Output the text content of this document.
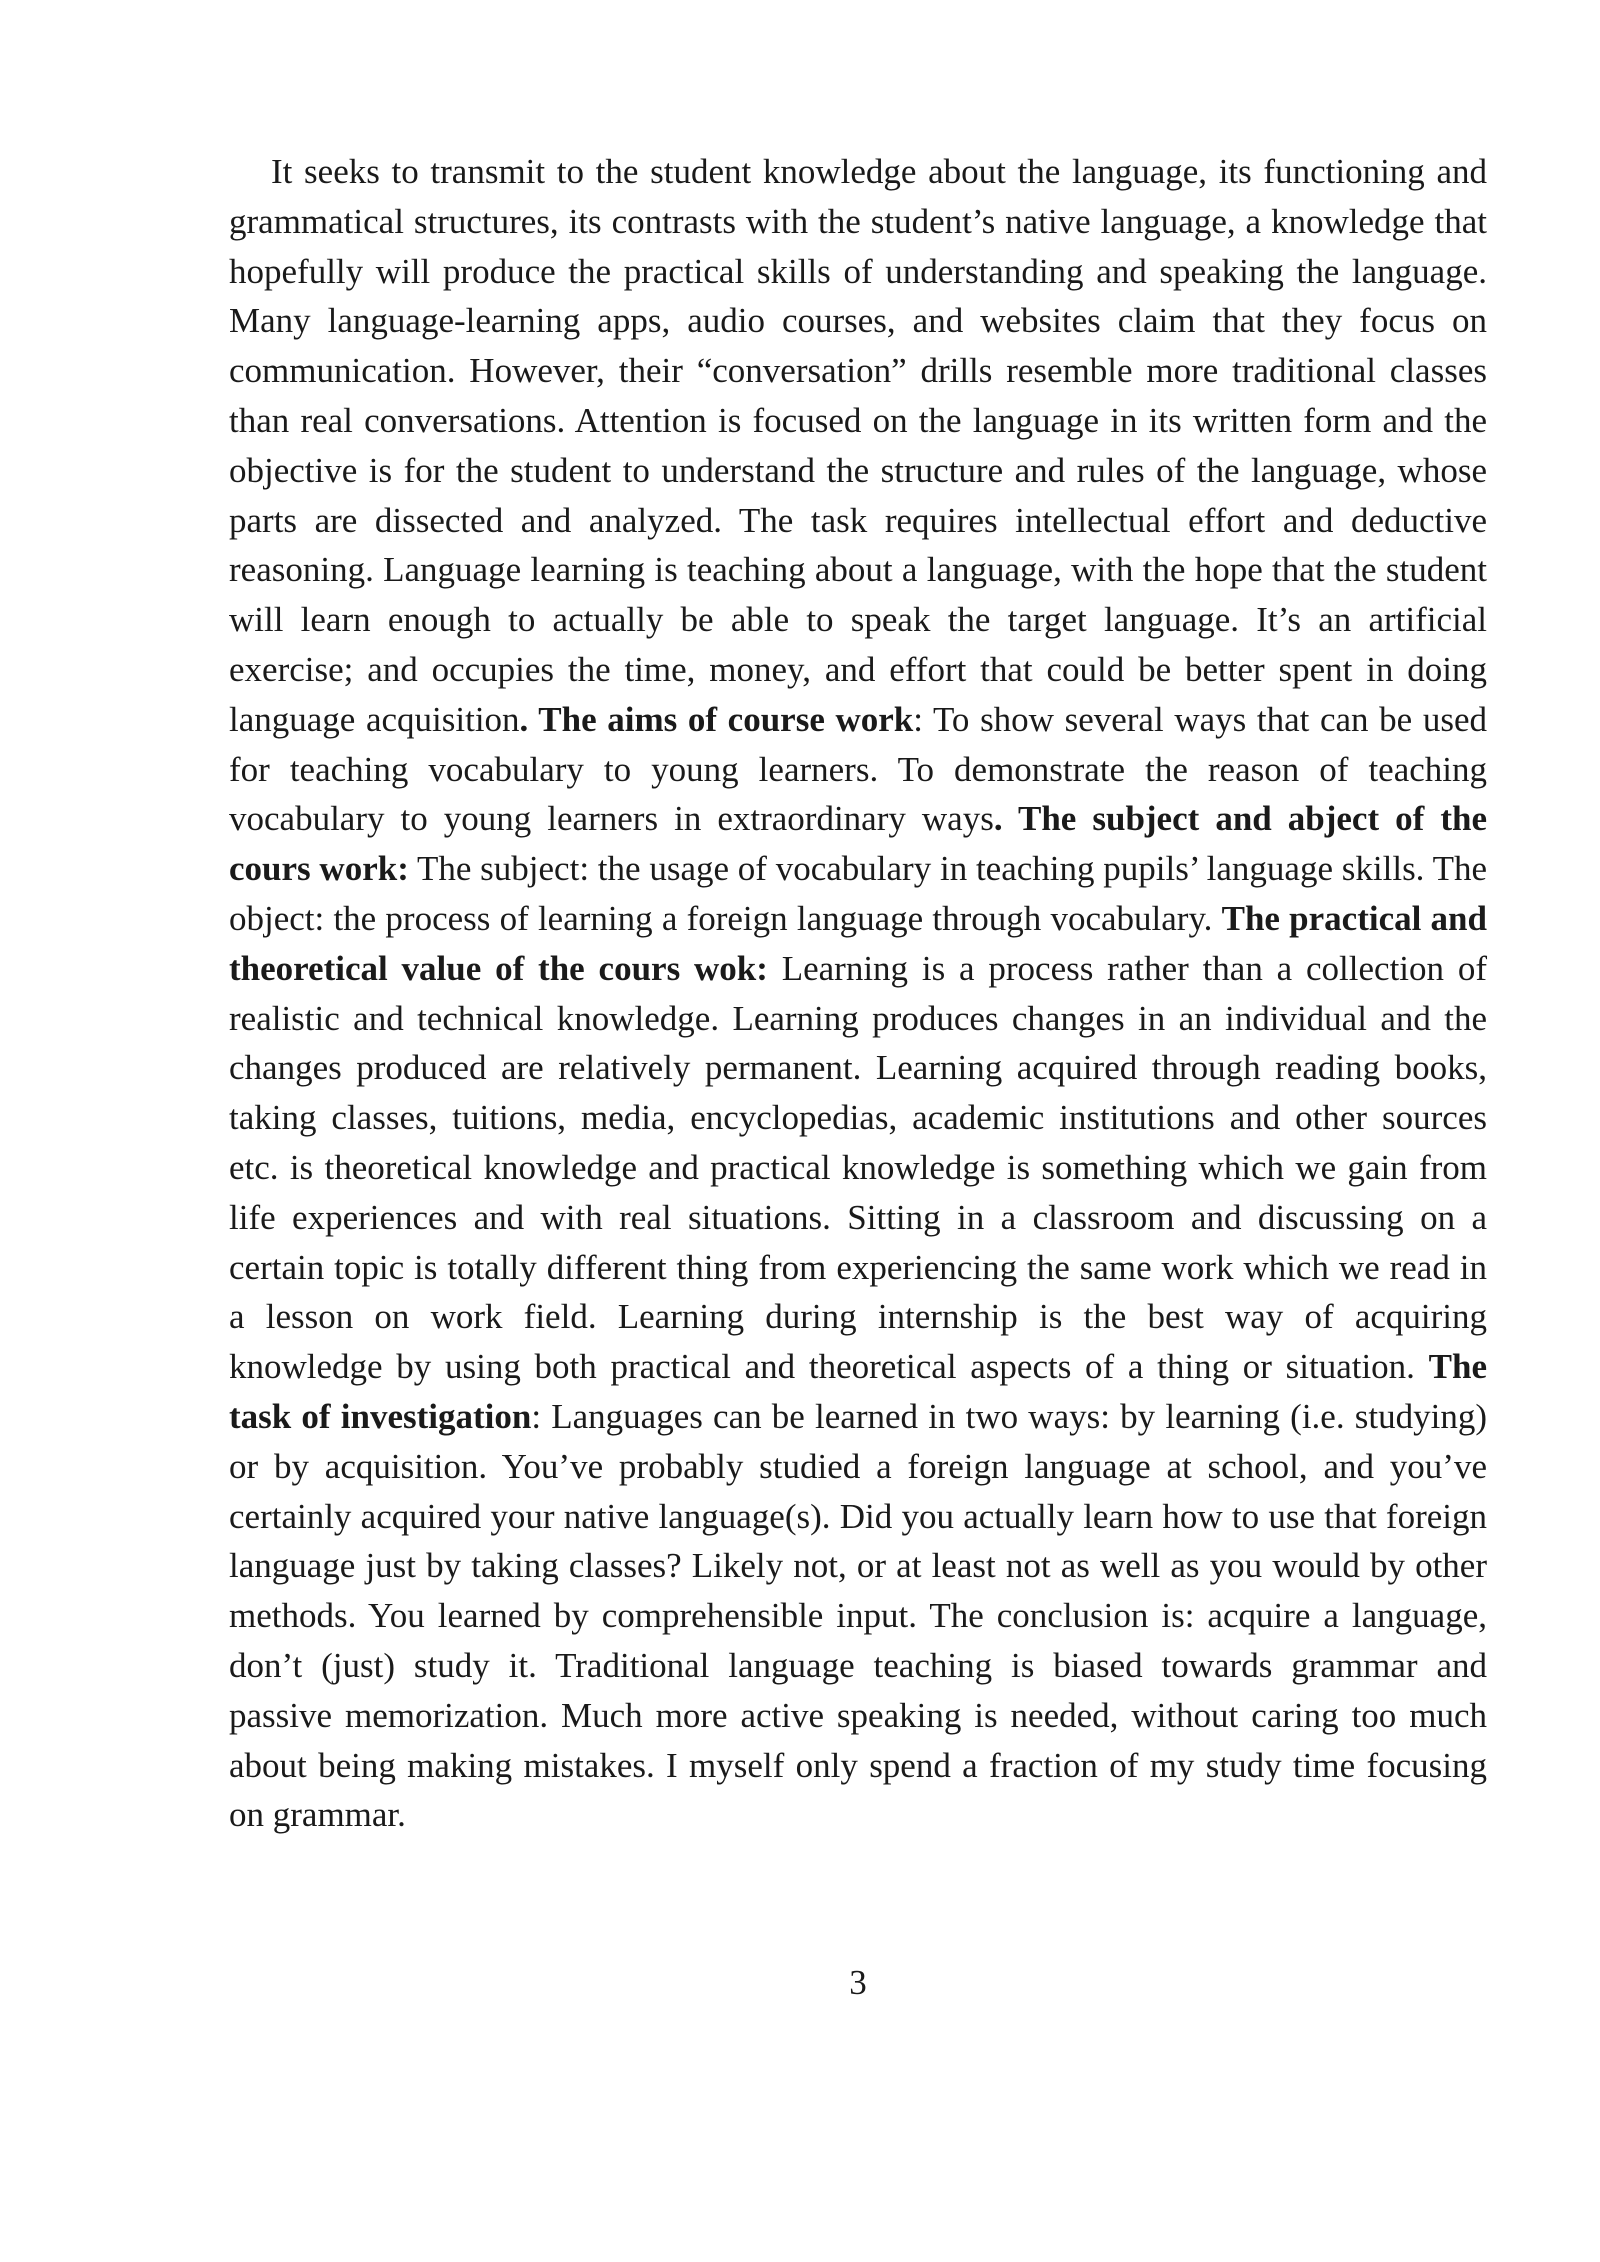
It seeks to transmit to the student knowledge about the language, its functioning and grammatical structures, its contrasts with the student’s native language, a knowledge that hopefully will produce the practical skills of understanding and speaking the language. Many language-learning apps, audio courses, and websites claim that they focus on communication. However, their “conversation” drills resemble more traditional classes than real conversations. Attention is focused on the language in its written form and the objective is for the student to understand the structure and rules of the language, whose parts are dissected and analyzed. The task requires intellectual effort and deductive reasoning. Language learning is teaching about a language, with the hope that the student will learn enough to actually be able to speak the target language. It’s an artificial exercise; and occupies the time, money, and effort that could be better spent in doing language acquisition. The aims of course work: To show several ways that can be used for teaching vocabulary to young learners. To demonstrate the reason of teaching vocabulary to young learners in extraordinary ways. The subject and abject of the cours work: The subject: the usage of vocabulary in teaching pupils’ language skills. The object: the process of learning a foreign language through vocabulary. The practical and theoretical value of the cours wok: Learning is a process rather than a collection of realistic and technical knowledge. Learning produces changes in an individual and the changes produced are relatively permanent. Learning acquired through reading books, taking classes, tuitions, media, encyclopedias, academic institutions and other sources etc. is theoretical knowledge and practical knowledge is something which we gain from life experiences and with real situations. Sitting in a classroom and discussing on a certain topic is totally different thing from experiencing the same work which we read in a lesson on work field. Learning during internship is the best way of acquiring knowledge by using both practical and theoretical aspects of a thing or situation. The task of investigation: Languages can be learned in two ways: by learning (i.e. studying) or by acquisition. You’ve probably studied a foreign language at school, and you’ve certainly acquired your native language(s). Did you actually learn how to use that foreign language just by taking classes? Likely not, or at least not as well as you would by other methods. You learned by comprehensible input. The conclusion is: acquire a language, don’t (just) study it. Traditional language teaching is biased towards grammar and passive memorization. Much more active speaking is needed, without caring too much about being making mistakes. I myself only spend a fraction of my study time focusing on grammar.

3
